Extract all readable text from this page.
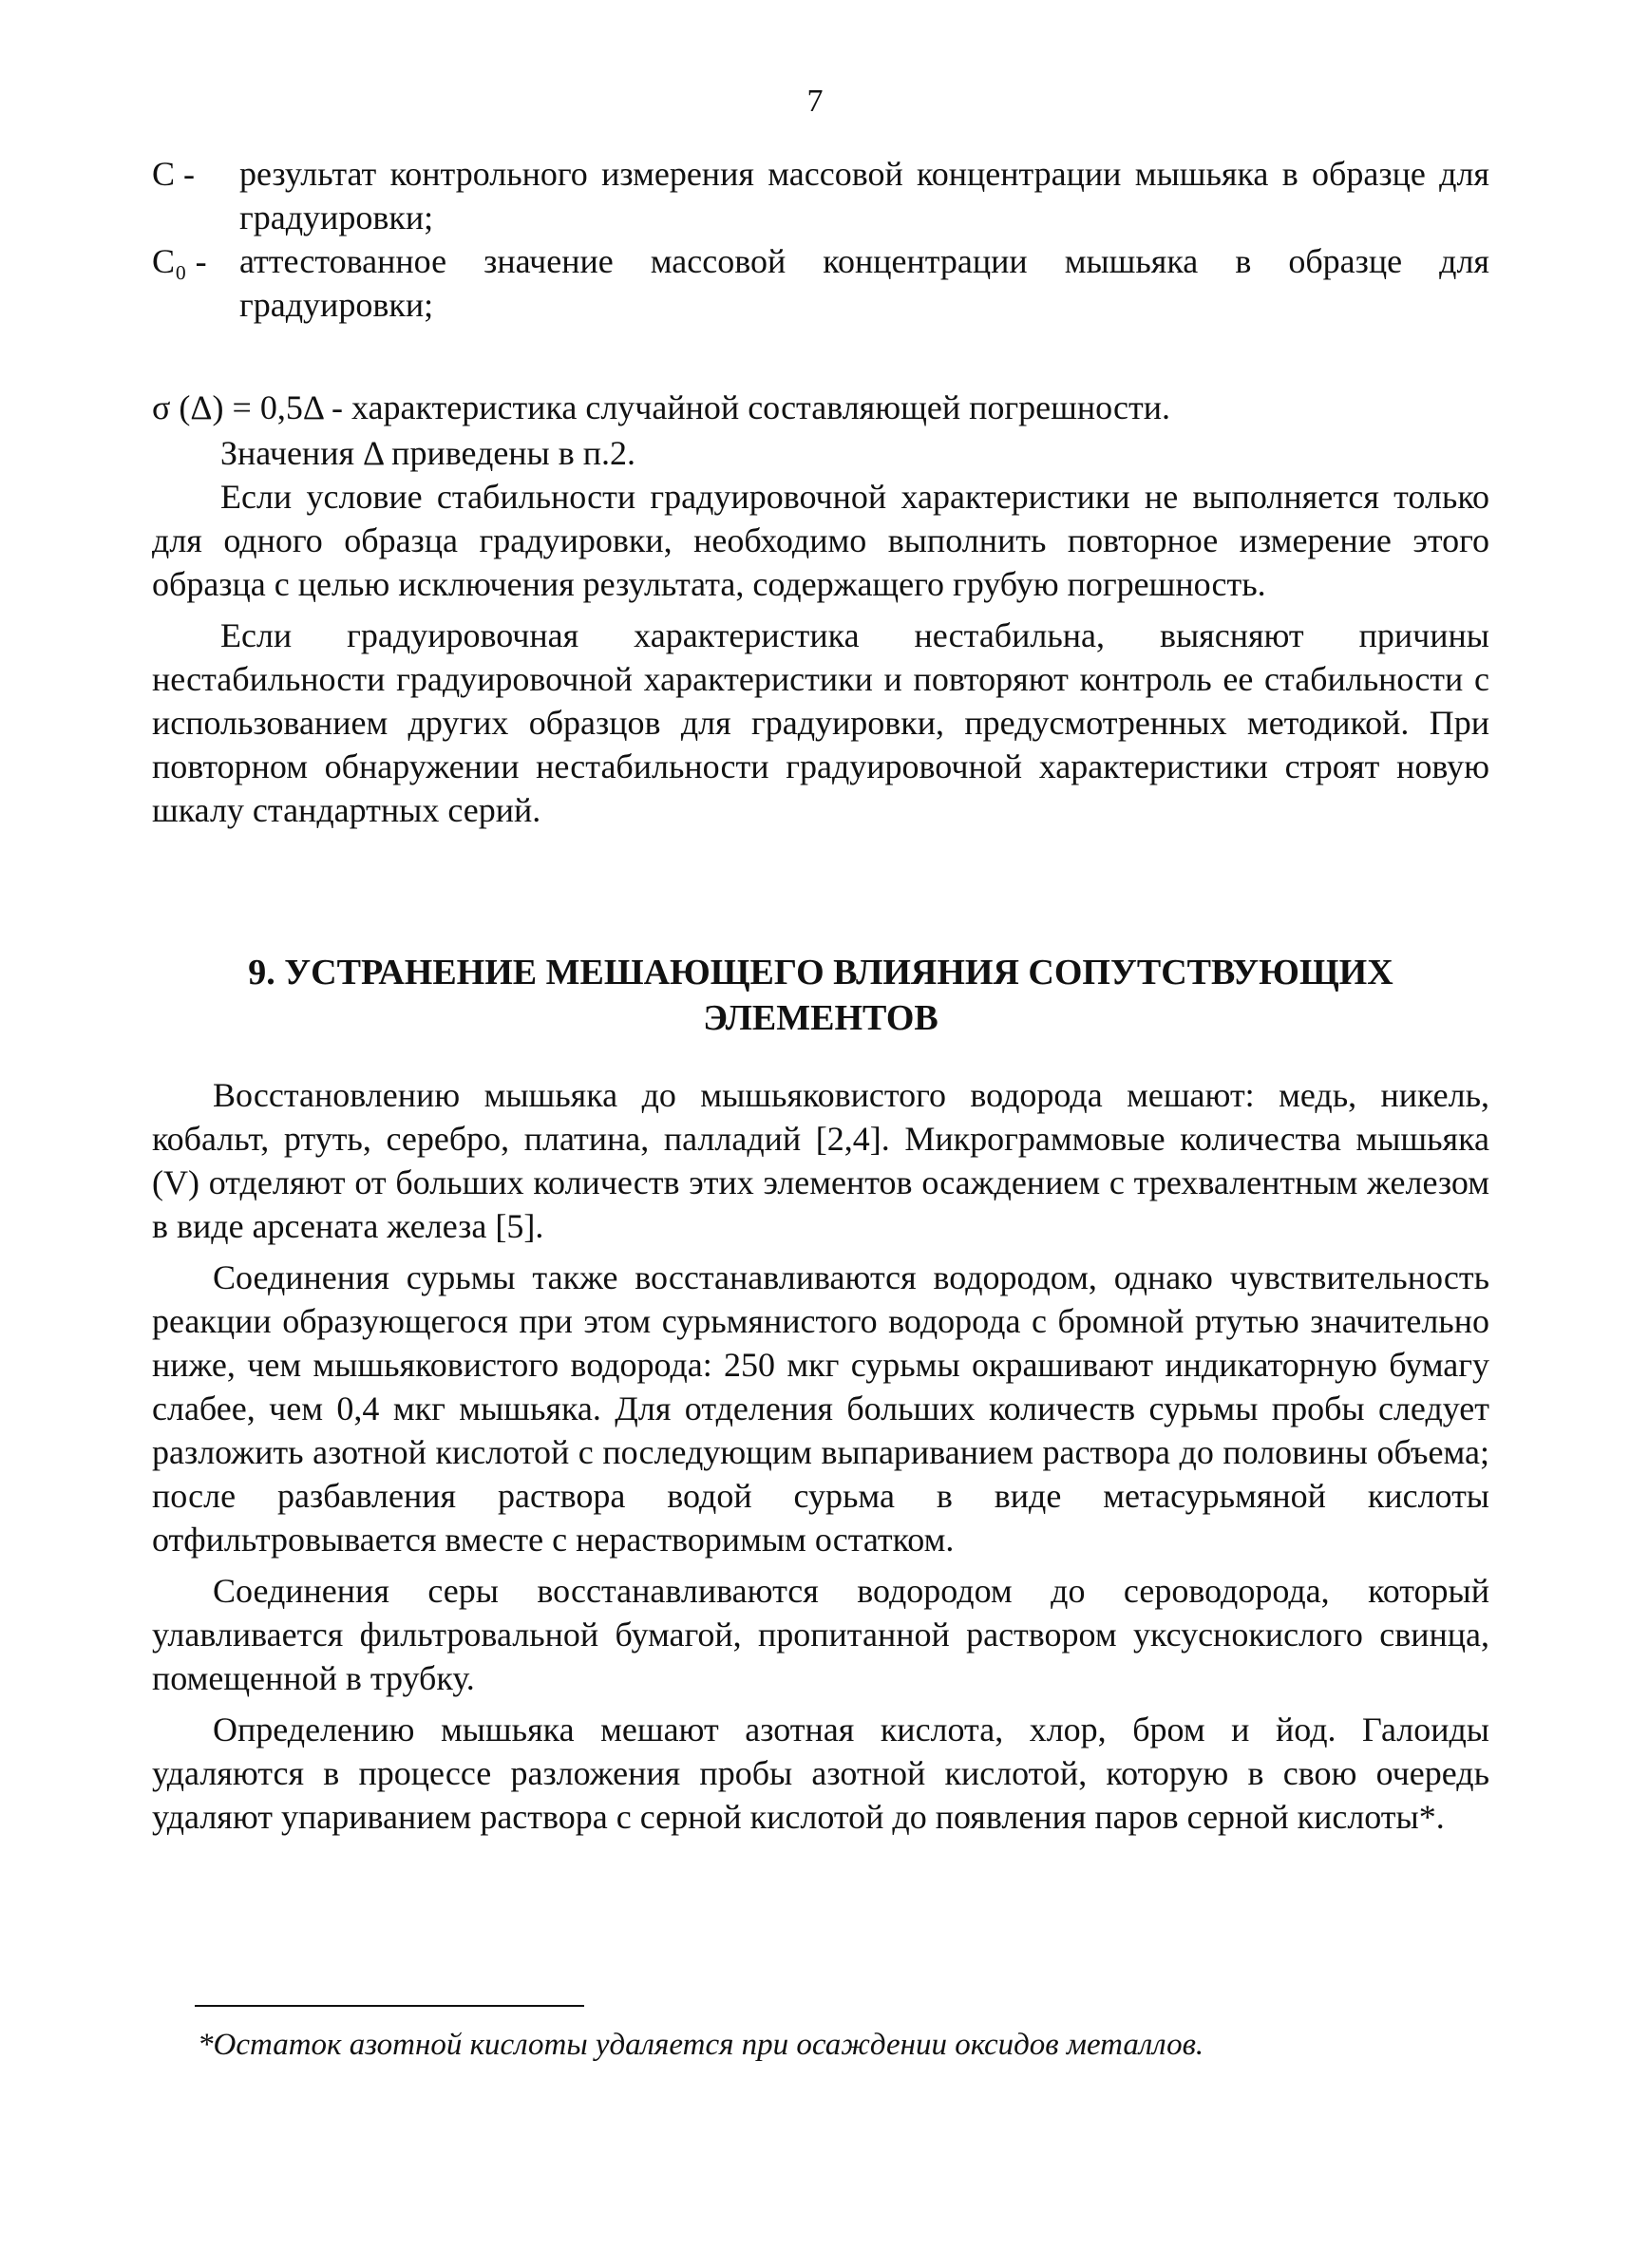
7
С - результат контрольного измерения массовой концентрации мышьяка в образце для градуировки;
С₀ - аттестованное значение массовой концентрации мышьяка в образце для градуировки;
σ (Δ) = 0,5Δ - характеристика случайной составляющей погрешности.

Значения Δ приведены в п.2.

Если условие стабильности градуировочной характеристики не выполняется только для одного образца градуировки, необходимо выполнить повторное измерение этого образца с целью исключения результата, содержащего грубую погрешность.

Если градуировочная характеристика нестабильна, выясняют причины нестабильности градуировочной характеристики и повторяют контроль ее стабильности с использованием других образцов для градуировки, предусмотренных методикой. При повторном обнаружении нестабильности градуировочной характеристики строят новую шкалу стандартных серий.

9. УСТРАНЕНИЕ МЕШАЮЩЕГО ВЛИЯНИЯ СОПУТСТВУЮЩИХ
ЭЛЕМЕНТОВ

Восстановлению мышьяка до мышьяковистого водорода мешают: медь, никель, кобальт, ртуть, серебро, платина, палладий [2,4]. Микрограммовые количества мышьяка (V) отделяют от больших количеств этих элементов осаждением с трехвалентным железом в виде арсената железа [5].

Соединения сурьмы также восстанавливаются водородом, однако чувствительность реакции образующегося при этом сурьмянистого водорода с бромной ртутью значительно ниже, чем мышьяковистого водорода: 250 мкг сурьмы окрашивают индикаторную бумагу слабее, чем 0,4 мкг мышьяка. Для отделения больших количеств сурьмы пробы следует разложить азотной кислотой с последующим выпариванием раствора до половины объема; после разбавления раствора водой сурьма в виде метасурьмяной кислоты отфильтровывается вместе с нерастворимым остатком.

Соединения серы восстанавливаются водородом до сероводорода, который улавливается фильтровальной бумагой, пропитанной раствором уксуснокислого свинца, помещенной в трубку.

Определению мышьяка мешают азотная кислота, хлор, бром и йод. Галоиды удаляются в процессе разложения пробы азотной кислотой, которую в свою очередь удаляют упариванием раствора с серной кислотой до появления паров серной кислоты*.

*Остаток азотной кислоты удаляется при осаждении оксидов металлов.
